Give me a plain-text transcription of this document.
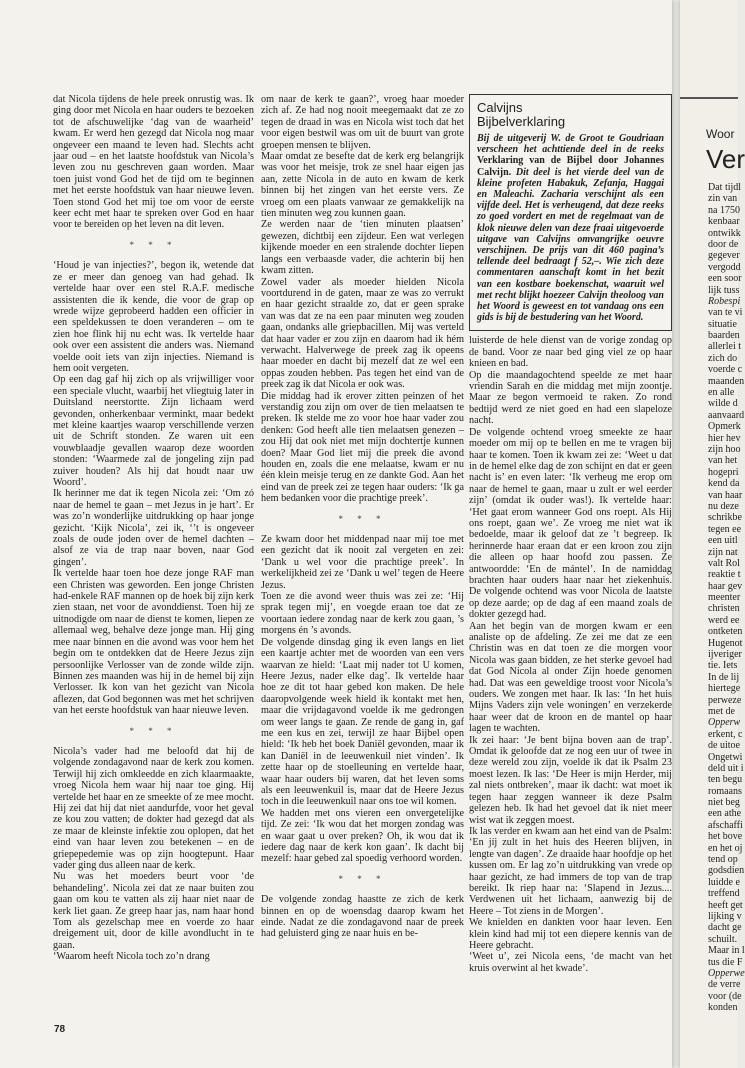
dat Nicola tijdens de hele preek onrustig was. Ik ging door met Nicola en haar ouders te bezoeken tot de afschuwelijke ‘dag van de waarheid’ kwam. Er werd hen gezegd dat Nicola nog maar ongeveer een maand te leven had. Slechts acht jaar oud – en het laatste hoofdstuk van Nicola’s leven zou nu geschreven gaan worden. Maar toen juist vond God het de tijd om te beginnen met het eerste hoofdstuk van haar nieuwe leven. Toen stond God het mij toe om voor de eerste keer echt met haar te spreken over God en haar voor te bereiden op het leven na dit leven.

* * *

‘Houd je van injecties?’, begon ik, wetende dat ze er meer dan genoeg van had gehad. Ik vertelde haar over een stel R.A.F. medische assistenten die ik kende, die voor de grap op wrede wijze geprobeerd hadden een officier in een speldekussen te doen veranderen – om te zien hoe flink hij nu echt was. Ik vertelde haar ook over een assistent die anders was. Niemand voelde ooit iets van zijn injecties. Niemand is hem ooit vergeten.

Op een dag gaf hij zich op als vrijwilliger voor een speciale vlucht, waarbij het vliegtuig later in Duitsland neerstortte. Zijn lichaam werd gevonden, onherkenbaar verminkt, maar bedekt met kleine kaartjes waarop verschillende verzen uit de Schrift stonden. Ze waren uit een vouwblaadje gevallen waarop deze woorden stonden: ‘Waarmede zal de jongeling zijn pad zuiver houden? Als hij dat houdt naar uw Woord’.

Ik herinner me dat ik tegen Nicola zei: ‘Om zó naar de hemel te gaan – met Jezus in je hart’. Er was zo’n wonderlijke uitdrukking op haar jonge gezicht. ‘Kijk Nicola’, zei ik, ‘’t is ongeveer zoals de oude joden over de hemel dachten – alsof ze via de trap naar boven, naar God gingen’.

Ik vertelde haar toen hoe deze jonge RAF man een Christen was geworden. Een jonge Christen had-enkele RAF mannen op de hoek bij zijn kerk zien staan, net voor de avonddienst. Toen hij ze uitnodigde om naar de dienst te komen, liepen ze allemaal weg, behalve deze jonge man. Hij ging mee naar binnen en die avond was voor hem het begin om te ontdekken dat de Heere Jezus zijn persoonlijke Verlosser van de zonde wilde zijn. Binnen zes maanden was hij in de hemel bij zijn Verlosser. Ik kon van het gezicht van Nicola aflezen, dat God begonnen was met het schrijven van het eerste hoofdstuk van haar nieuwe leven.

* * *

Nicola’s vader had me beloofd dat hij de volgende zondagavond naar de kerk zou komen. Terwijl hij zich omkleedde en zich klaarmaakte, vroeg Nicola hem waar hij naar toe ging. Hij vertelde het haar en ze smeekte of ze mee mocht. Hij zei dat hij dat niet aandurfde, voor het geval ze kou zou vatten; de dokter had gezegd dat als ze maar de kleinste infektie zou oplopen, dat het eind van haar leven zou betekenen – en de griepepedemie was op zijn hoogtepunt. Haar vader ging dus alleen naar de kerk.

Nu was het moeders beurt voor ‘de behandeling’. Nicola zei dat ze naar buiten zou gaan om kou te vatten als zij haar niet naar de kerk liet gaan. Ze greep haar jas, nam haar hond Tom als gezelschap mee en voerde zo haar dreigement uit, door de kille avondlucht in te gaan.

‘Waarom heeft Nicola toch zo’n drang

om naar de kerk te gaan?’, vroeg haar moeder zich af. Ze had nog nooit meegemaakt dat ze zo tegen de draad in was en Nicola wist toch dat het voor eigen bestwil was om uit de buurt van grote groepen mensen te blijven.

Maar omdat ze besefte dat de kerk erg belangrijk was voor het meisje, trok ze snel haar eigen jas aan, zette Nicola in de auto en kwam de kerk binnen bij het zingen van het eerste vers. Ze vroeg om een plaats vanwaar ze gemakkelijk na tien minuten weg zou kunnen gaan.

Ze werden naar de ‘tien minuten plaatsen’ gewezen, dichtbij een zijdeur. Een wat verlegen kijkende moeder en een stralende dochter liepen langs een verbaasde vader, die achterin bij hen kwam zitten.

Zowel vader als moeder hielden Nicola voortdurend in de gaten, maar ze was zo verrukt en haar gezicht straalde zo, dat er geen sprake van was dat ze na een paar minuten weg zouden gaan, ondanks alle griepbacillen. Mij was verteld dat haar vader er zou zijn en daarom had ik hém verwacht. Halverwege de preek zag ik opeens haar moeder en dacht bij mezelf dat ze wel een oppas zouden hebben. Pas tegen het eind van de preek zag ik dat Nicola er ook was.

Die middag had ik erover zitten peinzen of het verstandig zou zijn om over de tien melaatsen te preken. Ik stelde me zo voor hoe haar vader zou denken: God heeft alle tien melaatsen genezen – zou Hij dat ook niet met mijn dochtertje kunnen doen? Maar God liet mij die preek die avond houden en, zoals die ene melaatse, kwam er nu één klein meisje terug en ze dankte God. Aan het eind van de preek zei ze tegen haar ouders: ‘Ik ga hem bedanken voor die prachtige preek’.

* * *

Ze kwam door het middenpad naar mij toe met een gezicht dat ik nooit zal vergeten en zei: ‘Dank u wel voor die prachtige preek’. In werkelijkheid zei ze ‘Dank u wel’ tegen de Heere Jezus.

Toen ze die avond weer thuis was zei ze: ‘Hij sprak tegen mij’, en voegde eraan toe dat ze voortaan iedere zondag naar de kerk zou gaan, ’s morgens én ’s avonds.

De volgende dinsdag ging ik even langs en liet een kaartje achter met de woorden van een vers waarvan ze hield: ‘Laat mij nader tot U komen, Heere Jezus, nader elke dag’. Ik vertelde haar hoe ze dit tot haar gebed kon maken. De hele daaropvolgende week hield ik kontakt met hen, maar die vrijdagavond voelde ik me gedrongen om weer langs te gaan. Ze rende de gang in, gaf me een kus en zei, terwijl ze haar Bijbel open hield: ‘Ik heb het boek Daniël gevonden, maar ik kan Daniël in de leeuwenkuil niet vinden’. Ik zette haar op de stoelleuning en vertelde haar, waar haar ouders bij waren, dat het leven soms als een leeuwenkuil is, maar dat de Heere Jezus toch in die leeuwenkuil naar ons toe wil komen.

We hadden met ons vieren een onvergetelijke tijd. Ze zei: ‘Ik wou dat het morgen zondag was en waar gaat u over preken? Oh, ik wou dat ik iedere dag naar de kerk kon gaan’. Ik dacht bij mezelf: haar gebed zal spoedig verhoord worden.

* * *

De volgende zondag haastte ze zich de kerk binnen en op de woensdag daarop kwam het einde. Nadat ze die zondagavond naar de preek had geluisterd ging ze naar huis en be-

Calvijns
Bijbelverklaring
Bij de uitgeverij W. de Groot te Goudriaan verscheen het achttiende deel in de reeks Verklaring van de Bijbel door Johannes Calvijn. Dit deel is het vierde deel van de kleine profeten Habakuk, Zefanja, Haggai en Maleachi. Zacharia verschijnt als een vijfde deel. Het is verheugend, dat deze reeks zo goed vordert en met de regelmaat van de klok nieuwe delen van deze fraai uitgevoerde uitgave van Calvijns omvangrijke oeuvre verschijnen. De prijs van dit 460 pagina’s tellende deel bedraagt f 52,–. Wie zich deze commentaren aanschaft komt in het bezit van een kostbare boekenschat, waaruit wel met recht blijkt hoezeer Calvijn theoloog van het Woord is geweest en tot vandaag ons een gids is bij de bestudering van het Woord.

luisterde de hele dienst van de vorige zondag op de band. Voor ze naar bed ging viel ze op haar knieen en bad.

Op die maandagochtend speelde ze met haar vriendin Sarah en die middag met mijn zoontje. Maar ze begon vermoeid te raken. Zo rond bedtijd werd ze niet goed en had een slapeloze nacht.

De volgende ochtend vroeg smeekte ze haar moeder om mij op te bellen en me te vragen bij haar te komen. Toen ik kwam zei ze: ‘Weet u dat in de hemel elke dag de zon schijnt en dat er geen nacht is’ en even later: ‘Ik verheug me erop om naar de hemel te gaan, maar u zult er wel eerder zijn’ (omdat ik ouder was!). Ik vertelde haar: ‘Het gaat erom wanneer God ons roept. Als Hij ons roept, gaan we’. Ze vroeg me niet wat ik bedoelde, maar ik geloof dat ze ’t begreep. Ik herinnerde haar eraan dat er een kroon zou zijn die alleen op haar hoofd zou passen. Ze antwoordde: ‘En de mántel’. In de namiddag brachten haar ouders haar naar het ziekenhuis. De volgende ochtend was voor Nicola de laatste op deze aarde; op de dag af een maand zoals de dokter gezegd had.

Aan het begin van de morgen kwam er een analiste op de afdeling. Ze zei me dat ze een Christin was en dat toen ze die morgen voor Nicola was gaan bidden, ze het sterke gevoel had dat God Nicola al onder Zijn hoede genomen had. Dat was een geweldige troost voor Nicola’s ouders. We zongen met haar. Ik las: ‘In het huis Mijns Vaders zijn vele woningen’ en verzekerde haar weer dat de kroon en de mantel op haar lagen te wachten.

Ik zei haar: ‘Je bent bijna boven aan de trap’. Omdat ik geloofde dat ze nog een uur of twee in deze wereld zou zijn, voelde ik dat ik Psalm 23 moest lezen. Ik las: ‘De Heer is mijn Herder, mij zal niets ontbreken’, maar ik dacht: wat moet ik tegen haar zeggen wanneer ik deze Psalm gelezen heb. Ik had het gevoel dat ik niet meer wist wat ik zeggen moest.

Ik las verder en kwam aan het eind van de Psalm: ‘En jíj zult in het huis des Heeren blijven, in lengte van dagen’. Ze draaide haar hoofdje op het kussen om. Er lag zo’n uitdrukking van vrede op haar gezicht, ze had immers de top van de trap bereikt. Ik riep haar na: ‘Slapend in Jezus.... Verdwenen uit het lichaam, aanwezig bij de Heere – Tot ziens in de Morgen’.

We knielden en dankten voor haar leven. Een klein kind had mij tot een diepere kennis van de Heere gebracht.

‘Weet u’, zei Nicola eens, ‘de macht van het kruis overwint al het kwade’.

78
Woor
Ver
Dat tijdl
zin van
na 1750
kenbaar
ontwikk
door de
gegever
vergodd
een soor
lijk tuss
Robespi
van te vi
situatie
baarden
allerlei t
zich do
voerde c
maanden
en alle
wilde d
aanvaard
Opmerk
hier hev
zijn hoo
van het
hogepri
kend da
van haar
nu deze
schrikbe
tegen ee
een uitl
zijn nat
valt Rol
reaktie t
haar gev
meenter
christen
werd ee
ontketen
Hugenot
ijveriger
tie. Iets
In de lij
hiertege
perweze
met de
Opperw
erkent, c
de uitoe
Ongetwi
deld uit i
ten begu
romaans
niet beg
een athe
afschaffi
het bove
en het oj
tend op
godsdien
luidde e
treffend
heeft get
lijking v
dacht ge
schuilt.
Maar in l
tus die F
Opperwe
de verre
voor (de
konden
